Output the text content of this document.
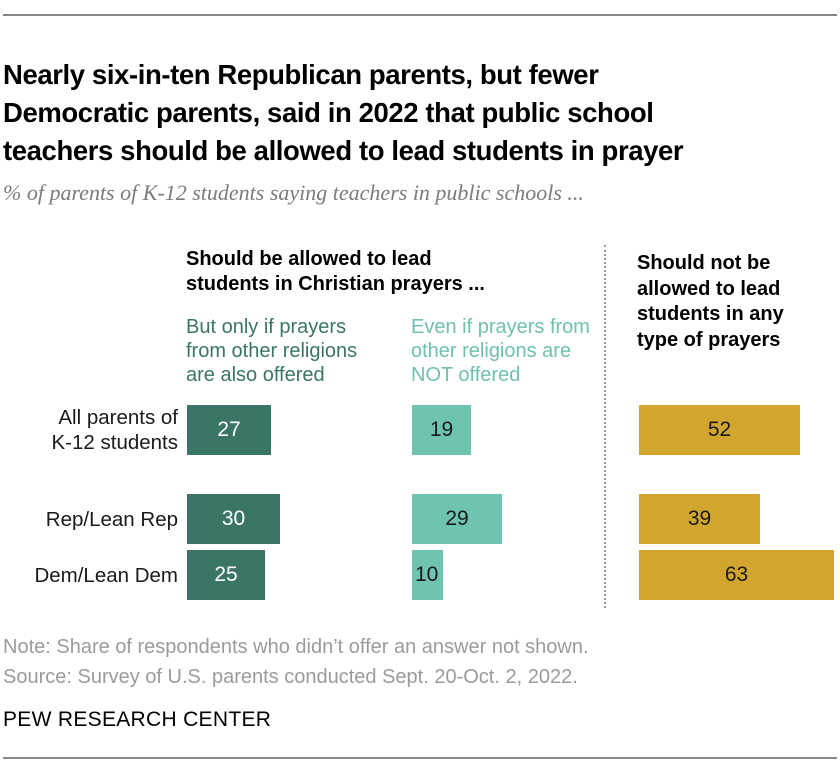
Nearly six-in-ten Republican parents, but fewer
Democratic parents, said in 2022 that public school
teachers should be allowed to lead students in prayer

% of parents of K-12 students saying teachers in public schools ...

Should be allowed to lead
students in Christian prayers ...
But only if prayers
from other religions
are also offered
Even if prayers from
other religions are
NOT offered
Should not be
allowed to lead
students in any
type of prayers
All parents of
K-12 students
27	19	52
Rep/Lean Rep 30	29	39
Dem/Lean Dem 25	10	63

Note: Share of respondents who didn’t offer an answer not shown.

Source: Survey of U.S. parents conducted Sept. 20-Oct. 2, 2022.

PEW RESEARCH CENTER
